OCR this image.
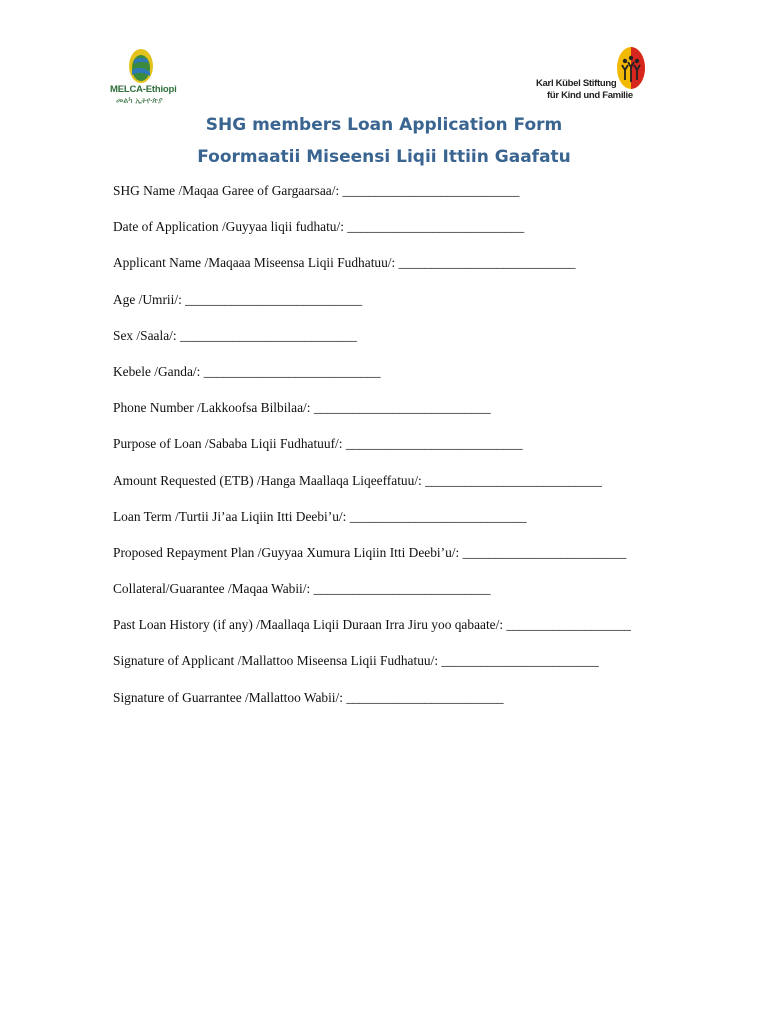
MELCA-Ethiopi
መልካ ኢትዮጵያ
Karl Kübel Stiftung
für Kind und Familie
SHG members Loan Application Form
Foormaatii Miseensi Liqii Ittiin Gaafatu
SHG Name /Maqaa Garee of Gargaarsaa/: ___________________________
Date of Application /Guyyaa liqii fudhatu/: ___________________________
Applicant Name /Maqaaa Miseensa Liqii Fudhatuu/: ___________________________
Age /Umrii/: ___________________________
Sex /Saala/: ___________________________
Kebele /Ganda/: ___________________________
Phone Number /Lakkoofsa Bilbilaa/: ___________________________
Purpose of Loan /Sababa Liqii Fudhatuuf/: ___________________________
Amount Requested (ETB) /Hanga Maallaqa Liqeeffatuu/: ___________________________
Loan Term /Turtii Ji’aa Liqiin Itti Deebi’u/: ___________________________
Proposed Repayment Plan /Guyyaa Xumura Liqiin Itti Deebi’u/: _________________________
Collateral/Guarantee /Maqaa Wabii/: ___________________________
Past Loan History (if any) /Maallaqa Liqii Duraan Irra Jiru yoo qabaate/: ___________________
Signature of Applicant /Mallattoo Miseensa Liqii Fudhatuu/: ________________________
Signature of Guarrantee /Mallattoo Wabii/: ________________________
